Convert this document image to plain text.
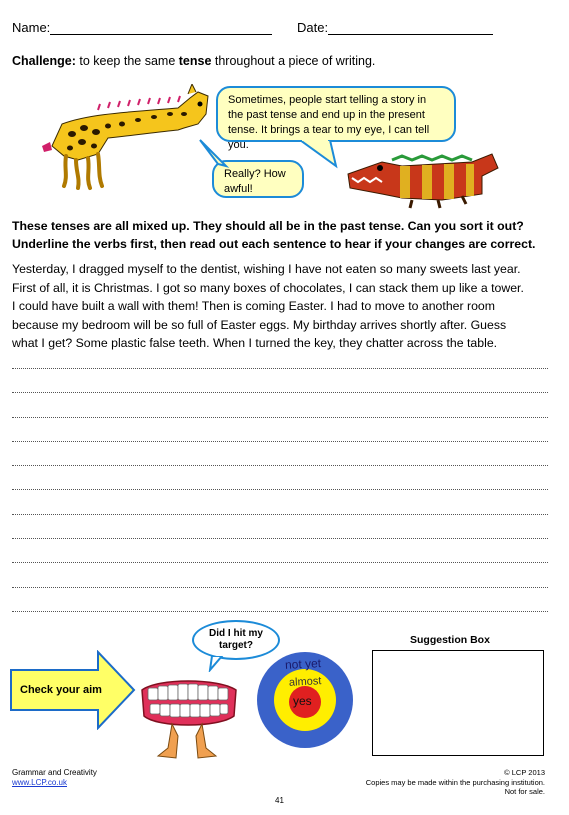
Name:	Date:
Challenge: to keep the same tense throughout a piece of writing.
Sometimes, people start telling a story in the past tense and end up in the present tense. It brings a tear to my eye, I can tell you.
Really? How awful!
These tenses are all mixed up. They should all be in the past tense. Can you sort it out?
Underline the verbs first, then read out each sentence to hear if your changes are correct.
Yesterday, I dragged myself to the dentist, wishing I have not eaten so many sweets last year.
First of all, it is Christmas. I got so many boxes of chocolates, I can stack them up like a tower.
I could have built a wall with them! Then is coming Easter. I had to move to another room
because my bedroom will be so full of Easter eggs. My birthday arrives shortly after. Guess
what I get? Some plastic false teeth. When I turned the key, they chatter across the table.
Check your aim
Did I hit my target?
not yet
almost
yes
Suggestion Box
Grammar and Creativity
www.LCP.co.uk
41
© LCP 2013
Copies may be made within the purchasing institution.
Not for sale.
